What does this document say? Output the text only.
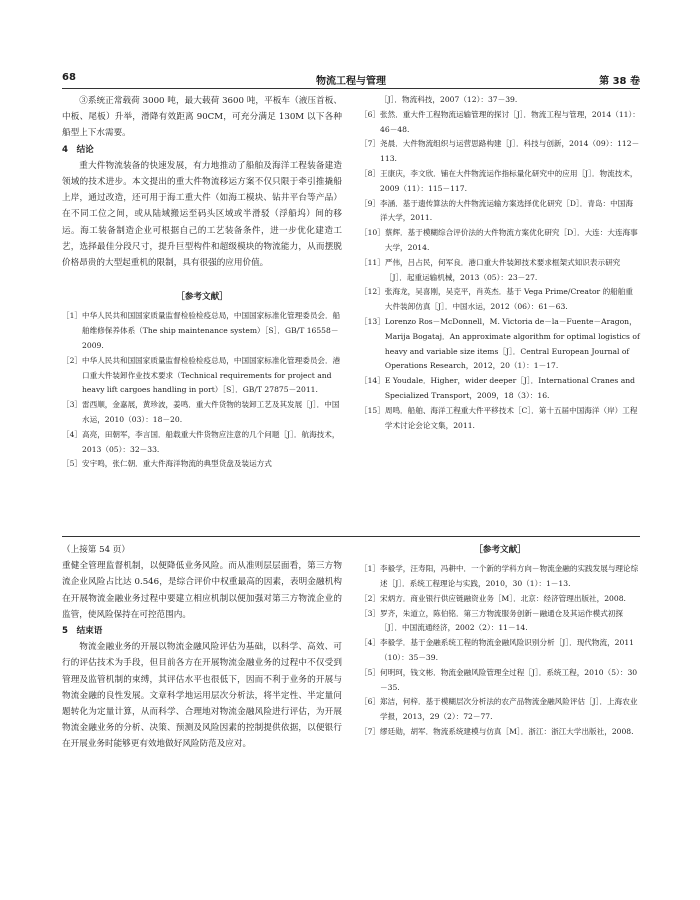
68	物流工程与管理	第 38 卷

③系统正常载荷 3000 吨，最大载荷 3600 吨，平板车（液压首板、中板、尾板）升举，滑降有效距离 90CM，可充分满足 130M 以下各种船型上下水需要。

4　结论

重大件物流装备的快速发展，有力地推动了船舶及海洋工程装备建造领域的技术进步。本文提出的重大件物流移运方案不仅只限于牵引推撬船上岸，通过改造，还可用于海工重大件（如海工模块、钻井平台等产品）在不同工位之间，或从陆域搬运至码头区域或半滑驳（浮船坞）间的移运。海工装备制造企业可根据自己的工艺装备条件，进一步优化建造工艺，选择最佳分段尺寸，提升巨型构件和超级模块的物流能力，从而摆脱价格昂贵的大型起重机的限制，具有很强的应用价值。

［参考文献］
［1］ 中华人民共和国国家质量监督检验检疫总局，中国国家标准化管理委员会．船舶维修保养体系（The ship maintenance system）［S］．GB/T 16558－2009.
［2］ 中华人民共和国国家质量监督检验检疫总局，中国国家标准化管理委员会．港口重大件装卸作业技术要求（Technical requirements for project and heavy lift cargoes handling in port）［S］．GB/T 27875－2011.
［3］ 雷西顺，金嘉展，黄珍波，姜鸣．重大件货物的装卸工艺及其发展［J］．中国水运，2010（03）：18－20.
［4］ 高亮，田朝军，李言国．船载重大件货物应注意的几个问题［J］．航海技术，2013（05）：32－33.
［5］ 安宇鸣，张仁朝．重大件海洋物流的典型货盘及装运方式
［J］．物流科技，2007（12）：37－39.
［6］ 张然．重大件工程物流运输管理的探讨［J］．物流工程与管理，2014（11）：46－48.
［7］ 尧晨．大件物流组织与运营思路构建［J］．科技与创新，2014（09）：112－113.
［8］ 王康庆，李文欣．铺在大件物流运作指标量化研究中的应用［J］．物流技术，2009（11）：115－117.
［9］ 李涵．基于遗传算法的大件物流运输方案选择优化研究［D］．青岛：中国海洋大学，2011.
［10］ 蔡辉．基于模糊综合评价法的大件物流方案优化研究［D］．大连：大连海事大学，2014.
［11］ 严伟，吕占民，何军良．港口重大件装卸技术要求框架式知识表示研究［J］．起重运输机械，2013（05）：23－27.
［12］ 张海龙，吴喜刚，吴克平，肖英杰．基于 Vega Prime/Creator 的船舶重大件装卸仿真［J］．中国水运，2012（06）：61－63.
［13］ Lorenzo Ros－McDonnell，M. Victoria de－la－Fuente－Aragon，Marija Bogataj．An approximate algorithm for optimal logistics of heavy and variable size items［J］．Central European Journal of Operations Research，2012，20（1）：1－17.
［14］ E Youdale．Higher，wider deeper［J］．International Cranes and Specialized Transport，2009，18（3）：16.
［15］ 周鸣．船舶、海洋工程重大件平移技术［C］．第十五届中国海洋（岸）工程学术讨论会论文集，2011.
（上接第 54 页）

重健全管理监督机制，以便降低业务风险。而从准则层层面看，第三方物流企业风险占比达 0.546，是综合评价中权重最高的因素，表明金融机构在开展物流金融业务过程中要建立相应机制以便加强对第三方物流企业的监管，使风险保持在可控范围内。

5　结束语

物流金融业务的开展以物流金融风险评估为基础，以科学、高效、可行的评估技术为手段，但目前各方在开展物流金融业务的过程中不仅受到管理及监管机制的束缚，其评估水平也很低下，因而不利于业务的开展与物流金融的良性发展。文章科学地运用层次分析法，将半定性、半定量问题转化为定量计算，从而科学、合理地对物流金融风险进行评估，为开展物流金融业务的分析、决策、预测及风险因素的控制提供依据，以便银行在开展业务时能够更有效地做好风险防范及应对。

［参考文献］
［1］ 李毅学，汪寿阳，冯耕中．一个新的学科方向－物流金融的实践发展与理论综述［J］．系统工程理论与实践，2010，30（1）：1－13.
［2］ 宋炳方．商业银行供应链融资业务［M］．北京：经济管理出版社，2008.
［3］ 罗齐，朱道立，陈伯铭．第三方物流服务创新－融通仓及其运作模式初探［J］．中国流通经济，2002（2）：11－14.
［4］ 李毅学．基于金融系统工程的物流金融风险识别分析［J］．现代物流，2011（10）：35－39.
［5］ 何明珂，钱文彬．物流金融风险管理全过程［J］．系统工程，2010（5）：30－35.
［6］ 郑洁，何梓．基于模糊层次分析法的农产品物流金融风险评估［J］．上海农业学报，2013，29（2）：72－77.
［7］ 缪廷勋，胡军．物流系统建模与仿真［M］．浙江：浙江大学出版社，2008.
